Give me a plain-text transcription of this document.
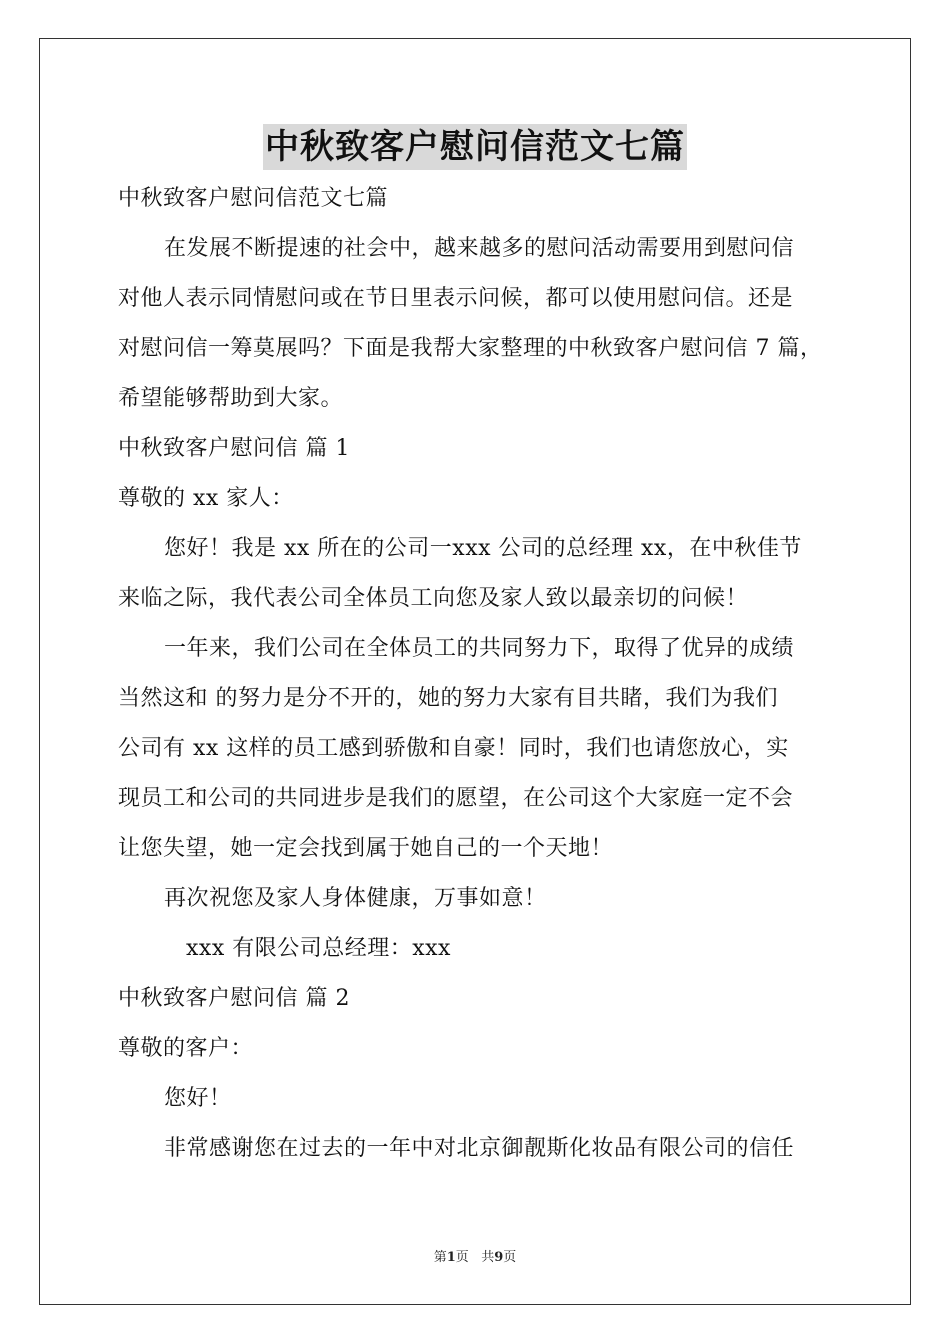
中秋致客户慰问信范文七篇
中秋致客户慰问信范文七篇
在发展不断提速的社会中，越来越多的慰问活动需要用到慰问信
对他人表示同情慰问或在节日里表示问候，都可以使用慰问信。还是
对慰问信一筹莫展吗？下面是我帮大家整理的中秋致客户慰问信 7 篇，
希望能够帮助到大家。
中秋致客户慰问信 篇 1
尊敬的 xx 家人：
您好！我是 xx 所在的公司一xxx 公司的总经理 xx，在中秋佳节
来临之际，我代表公司全体员工向您及家人致以最亲切的问候！
一年来，我们公司在全体员工的共同努力下，取得了优异的成绩
当然这和 的努力是分不开的，她的努力大家有目共睹，我们为我们
公司有 xx 这样的员工感到骄傲和自豪！同时，我们也请您放心，实
现员工和公司的共同进步是我们的愿望，在公司这个大家庭一定不会
让您失望，她一定会找到属于她自己的一个天地！
再次祝您及家人身体健康，万事如意！
xxx 有限公司总经理：xxx
中秋致客户慰问信 篇 2
尊敬的客户：
您好！
非常感谢您在过去的一年中对北京御靓斯化妆品有限公司的信任
第1页 共9页
